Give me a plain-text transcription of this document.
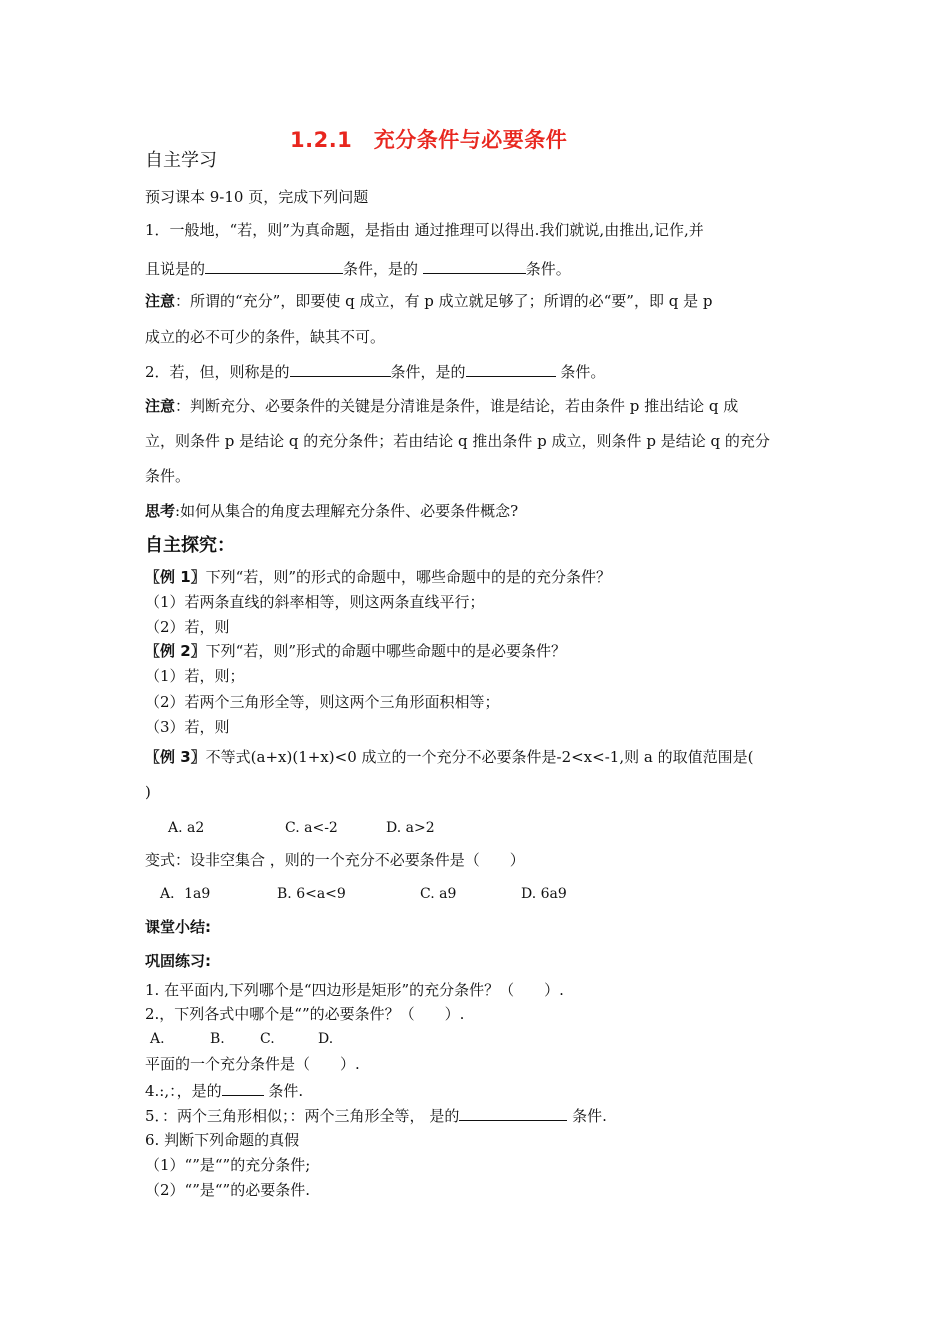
1.2.1　充分条件与必要条件
自主学习
预习课本 9-10 页，完成下列问题
1．一般地，“若，则”为真命题，是指由 通过推理可以得出.我们就说,由推出,记作,并
且说是的	条件，是的	条件。
注意：所谓的“充分”，即要使 q 成立，有 p 成立就足够了；所谓的必“要”，即 q 是 p
成立的必不可少的条件，缺其不可。
2．若，但，则称是的	条件，是的	条件。
注意：判断充分、必要条件的关键是分清谁是条件，谁是结论，若由条件 p 推出结论 q 成
立，则条件 p 是结论 q 的充分条件；若由结论 q 推出条件 p 成立，则条件 p 是结论 q 的充分
条件。
思考:如何从集合的角度去理解充分条件、必要条件概念?
自主探究：
〖例 1〗下列“若，则”的形式的命题中，哪些命题中的是的充分条件？
（1）若两条直线的斜率相等，则这两条直线平行；
（2）若，则
〖例 2〗下列“若，则”形式的命题中哪些命题中的是必要条件？
（1）若，则；
（2）若两个三角形全等，则这两个三角形面积相等；
（3）若，则
〖例 3〗不等式(a+x)(1+x)<0 成立的一个充分不必要条件是-2<x<-1,则 a 的取值范围是(
)
A. a2	C. a<-2	D. a>2
变式：设非空集合 ，则的一个充分不必要条件是（　　）
A．1a9	B. 6<a<9	C. a9	D. 6a9
课堂小结:
巩固练习:
1. 在平面内,下列哪个是“四边形是矩形”的充分条件？（　　）.
2.，下列各式中哪个是“”的必要条件？（　　）.
A.	B.	C.	D.
平面的一个充分条件是（　　）.
4.:,：，是的	条件.
5．：两个三角形相似；：两个三角形全等， 是的	条件.
6. 判断下列命题的真假
（1）“”是“”的充分条件;
（2）“”是“”的必要条件.
